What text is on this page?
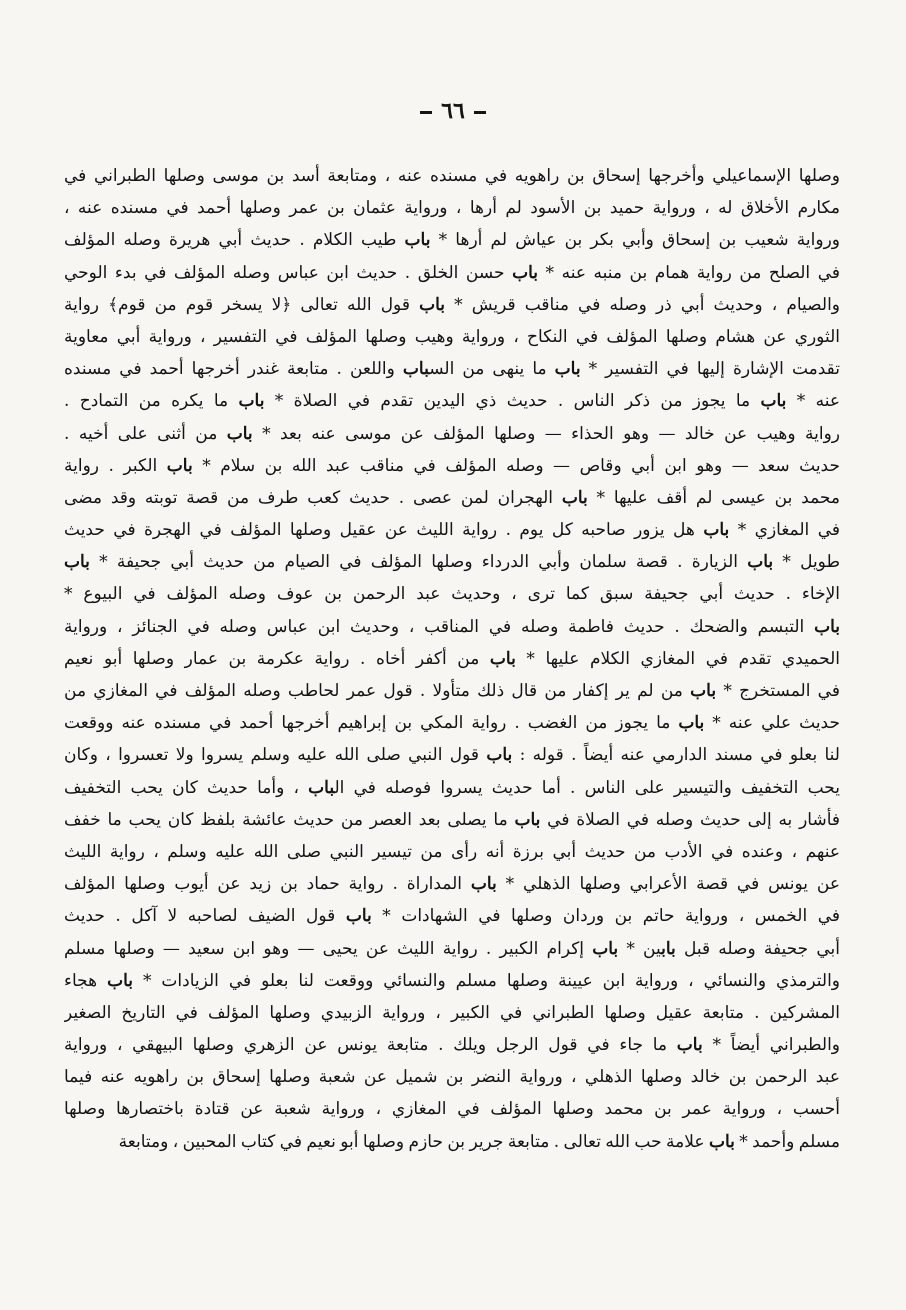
٦٦
وصلها الإسماعيلي وأخرجها إسحاق بن راهويه في مسنده عنه ، ومتابعة أسد بن موسى وصلها الطبراني في
مكارم الأخلاق له ، ورواية حميد بن الأسود لم أرها ، ورواية عثمان بن عمر وصلها أحمد في مسنده عنه ،
ورواية شعيب بن إسحاق وأبي بكر بن عياش لم أرها * باب طيب الكلام . حديث أبي هريرة وصله المؤلف
في الصلح من رواية همام بن منبه عنه * باب حسن الخلق . حديث ابن عباس وصله المؤلف في بدء الوحي
والصيام ، وحديث أبي ذر وصله في مناقب قريش * باب قول الله تعالى ﴿لا يسخر قوم من قوم﴾ رواية
الثوري عن هشام وصلها المؤلف في النكاح ، ورواية وهيب وصلها المؤلف في التفسير ، ورواية أبي معاوية
تقدمت الإشارة إليها في التفسير * باب ما ينهى من السباب واللعن . متابعة غندر أخرجها أحمد في مسنده
عنه * باب ما يجوز من ذكر الناس . حديث ذي اليدين تقدم في الصلاة * باب ما يكره من التمادح .
رواية وهيب عن خالد — وهو الحذاء — وصلها المؤلف عن موسى عنه بعد * باب من أثنى على أخيه .
حديث سعد — وهو ابن أبي وقاص — وصله المؤلف في مناقب عبد الله بن سلام * باب الكبر . رواية
محمد بن عيسى لم أقف عليها * باب الهجران لمن عصى . حديث كعب طرف من قصة توبته وقد مضى
في المغازي * باب هل يزور صاحبه كل يوم . رواية الليث عن عقيل وصلها المؤلف في الهجرة في حديث
طويل * باب الزيارة . قصة سلمان وأبي الدرداء وصلها المؤلف في الصيام من حديث أبي جحيفة * باب
الإخاء . حديث أبي جحيفة سبق كما ترى ، وحديث عبد الرحمن بن عوف وصله المؤلف في البيوع *
باب التبسم والضحك . حديث فاطمة وصله في المناقب ، وحديث ابن عباس وصله في الجنائز ، ورواية
الحميدي تقدم في المغازي الكلام عليها * باب من أكفر أخاه . رواية عكرمة بن عمار وصلها أبو نعيم
في المستخرج * باب من لم ير إكفار من قال ذلك متأولا . قول عمر لحاطب وصله المؤلف في المغازي من
حديث علي عنه * باب ما يجوز من الغضب . رواية المكي بن إبراهيم أخرجها أحمد في مسنده عنه ووقعت
لنا بعلو في مسند الدارمي عنه أيضاً . قوله : باب قول النبي صلى الله عليه وسلم يسروا ولا تعسروا ، وكان
يحب التخفيف والتيسير على الناس . أما حديث يسروا فوصله في الباب ، وأما حديث كان يحب التخفيف
فأشار به إلى حديث وصله في الصلاة في باب ما يصلى بعد العصر من حديث عائشة بلفظ كان يحب ما خفف
عنهم ، وعنده في الأدب من حديث أبي برزة أنه رأى من تيسير النبي صلى الله عليه وسلم ، رواية الليث
عن يونس في قصة الأعرابي وصلها الذهلي * باب المداراة . رواية حماد بن زيد عن أيوب وصلها المؤلف
في الخمس ، ورواية حاتم بن وردان وصلها في الشهادات * باب قول الضيف لصاحبه لا آكل . حديث
أبي جحيفة وصله قبل بابين * باب إكرام الكبير . رواية الليث عن يحيى — وهو ابن سعيد — وصلها مسلم
والترمذي والنسائي ، ورواية ابن عيينة وصلها مسلم والنسائي ووقعت لنا بعلو في الزيادات * باب هجاء
المشركين . متابعة عقيل وصلها الطبراني في الكبير ، ورواية الزبيدي وصلها المؤلف في التاريخ الصغير
والطبراني أيضاً * باب ما جاء في قول الرجل ويلك . متابعة يونس عن الزهري وصلها البيهقي ، ورواية
عبد الرحمن بن خالد وصلها الذهلي ، ورواية النضر بن شميل عن شعبة وصلها إسحاق بن راهويه عنه فيما
أحسب ، ورواية عمر بن محمد وصلها المؤلف في المغازي ، ورواية شعبة عن قتادة باختصارها وصلها
مسلم وأحمد * باب علامة حب الله تعالى . متابعة جرير بن حازم وصلها أبو نعيم في كتاب المحبين ، ومتابعة
